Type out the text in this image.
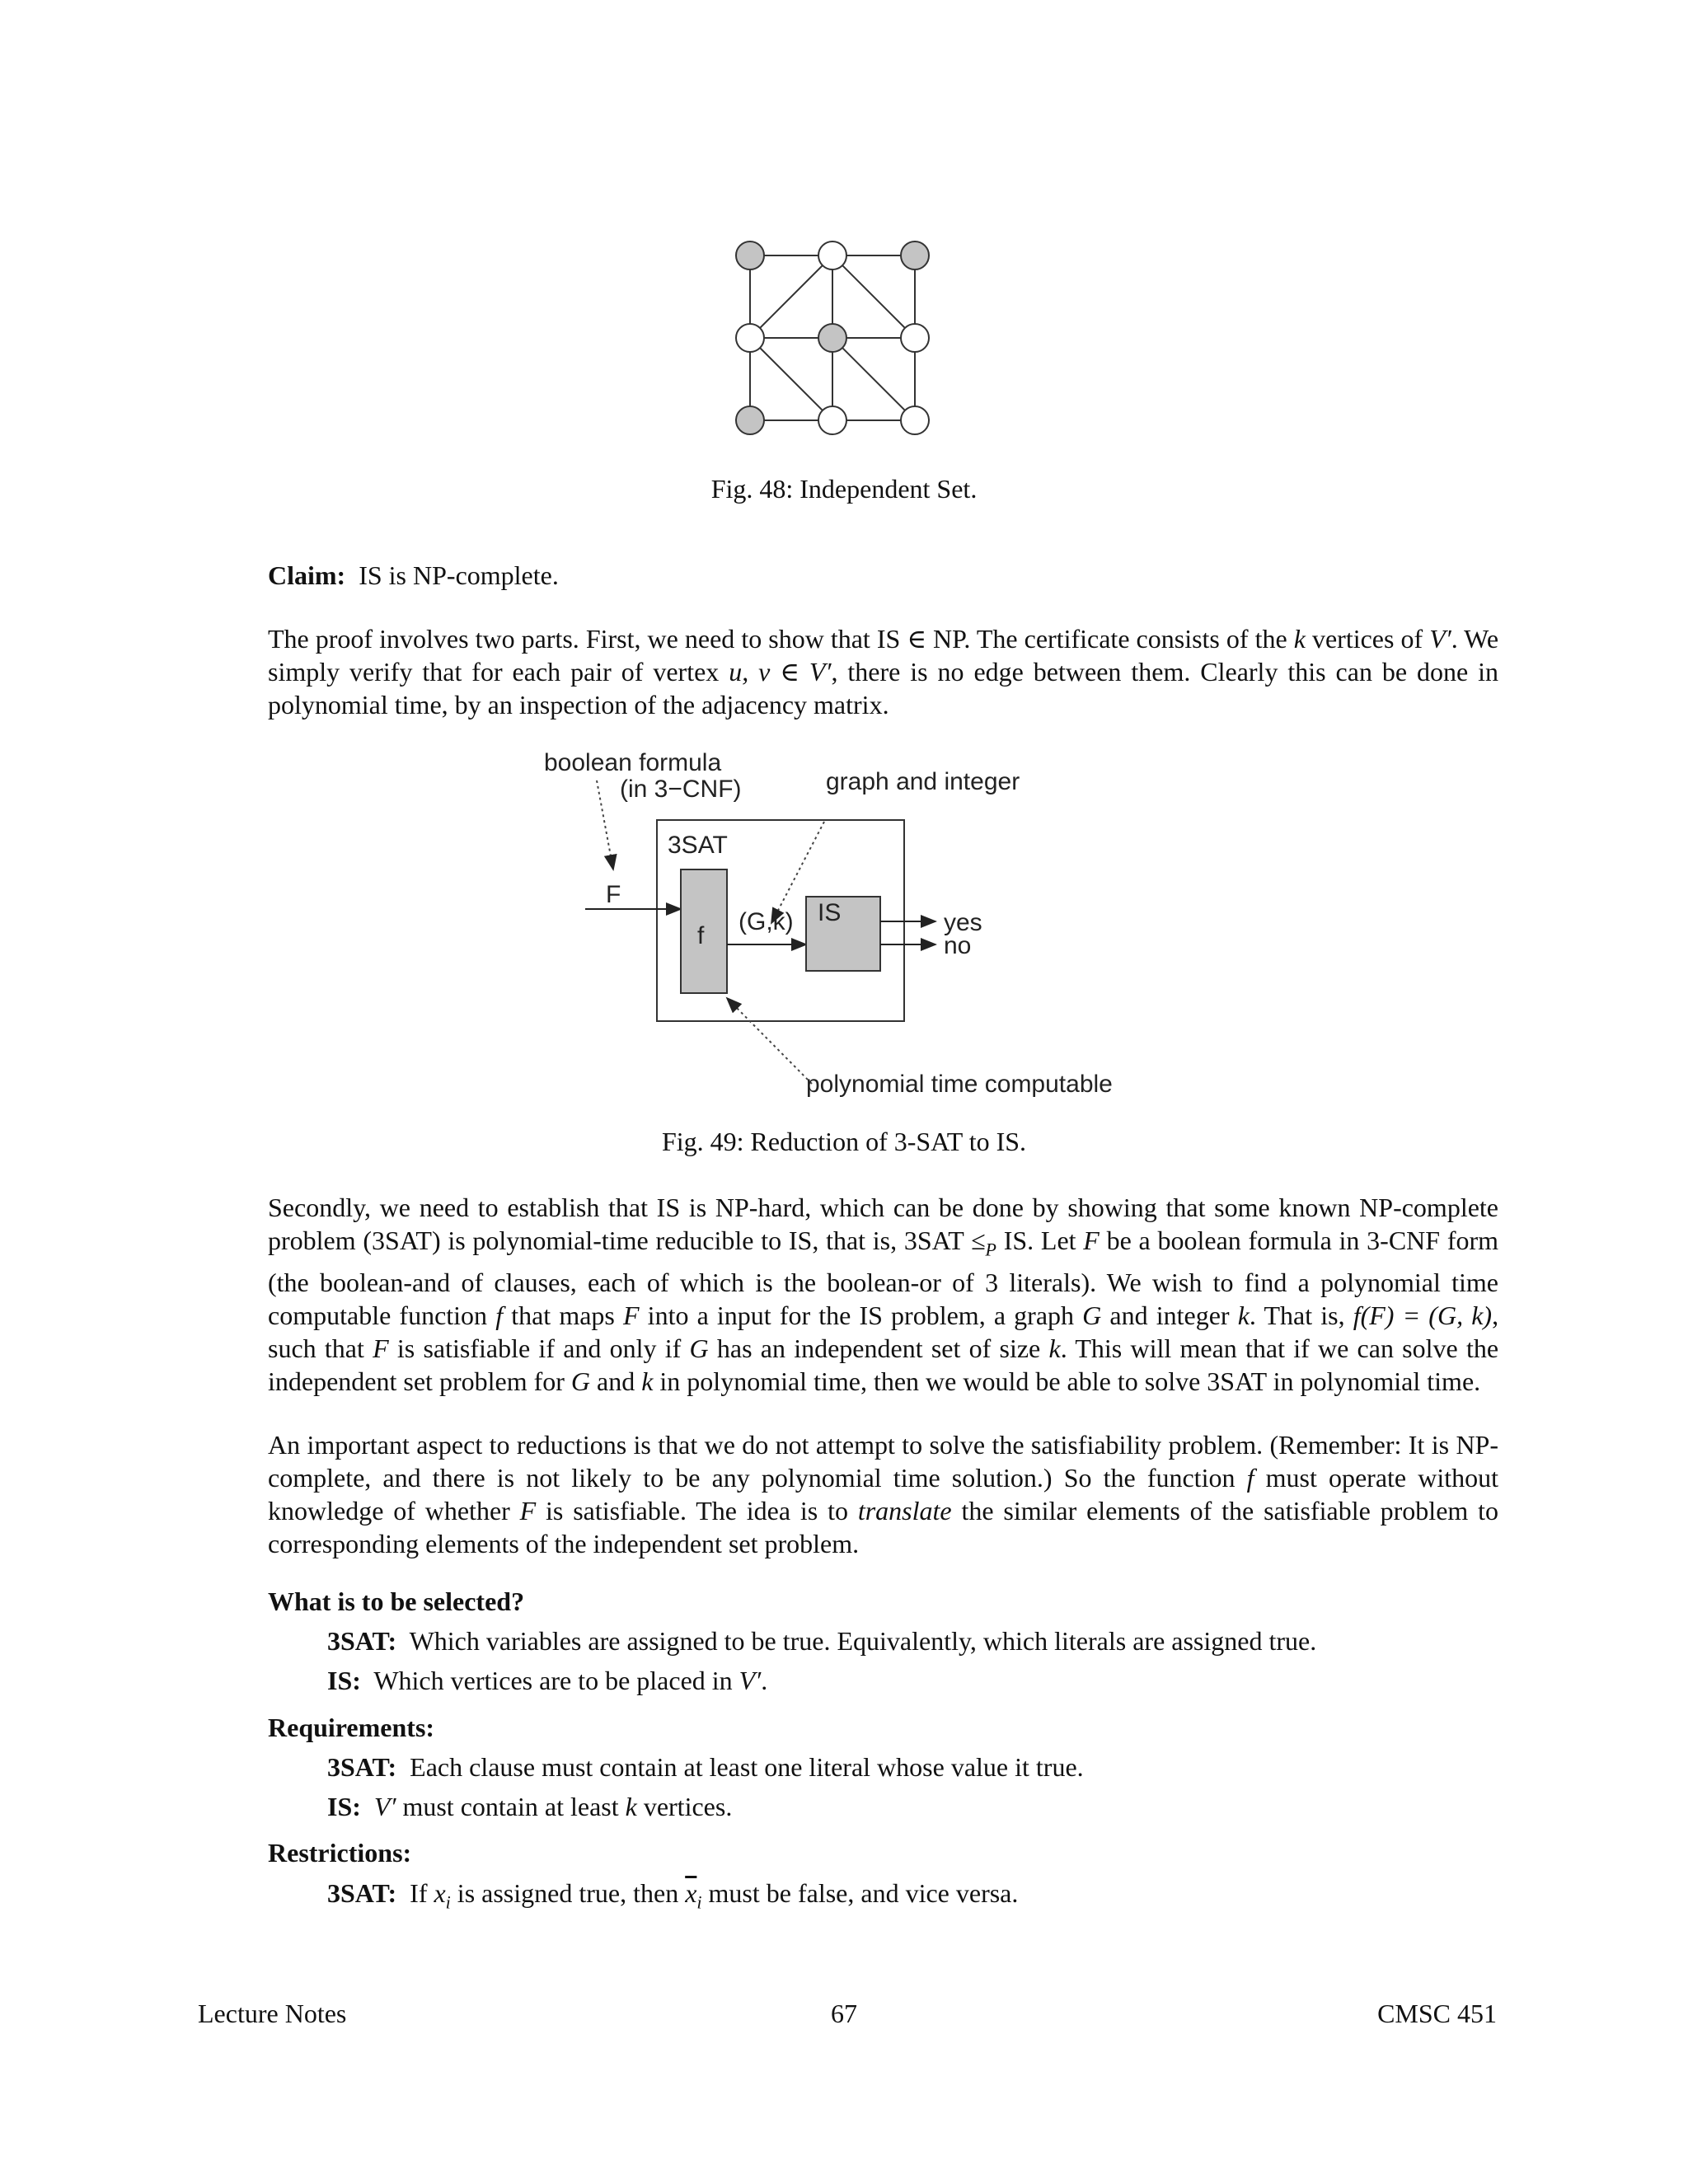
Fig. 48: Independent Set.
Claim: IS is NP-complete.

The proof involves two parts. First, we need to show that IS ∈ NP. The certificate consists of the k vertices of V′. We simply verify that for each pair of vertex u, v ∈ V′, there is no edge between them. Clearly this can be done in polynomial time, by an inspection of the adjacency matrix.

boolean formula
(in 3−CNF)	graph and integer
3SAT
F
f
(G,k) IS	yes
no
polynomial time computable
Fig. 49: Reduction of 3-SAT to IS.

Secondly, we need to establish that IS is NP-hard, which can be done by showing that some known NP-complete problem (3SAT) is polynomial-time reducible to IS, that is, $3SAT \le_P$ IS. Let F be a boolean formula in 3-CNF form (the boolean-and of clauses, each of which is the boolean-or of 3 literals). We wish to find a polynomial time computable function f that maps F into a input for the IS problem, a graph G and integer k. That is, f(F) = (G, k), such that F is satisfiable if and only if G has an independent set of size k. This will mean that if we can solve the independent set problem for G and k in polynomial time, then we would be able to solve 3SAT in polynomial time.

An important aspect to reductions is that we do not attempt to solve the satisfiability problem. (Remember: It is NP-complete, and there is not likely to be any polynomial time solution.) So the function f must operate without knowledge of whether F is satisfiable. The idea is to translate the similar elements of the satisfiable problem to corresponding elements of the independent set problem.

What is to be selected?
3SAT: Which variables are assigned to be true. Equivalently, which literals are assigned true.
IS: Which vertices are to be placed in V′.
Requirements:
3SAT: Each clause must contain at least one literal whose value it true.
IS: V′ must contain at least k vertices.
Restrictions:
3SAT: If $x_i$ is assigned true, then $\overline{x}_i$ must be false, and vice versa.
Lecture Notes	67	CMSC 451
